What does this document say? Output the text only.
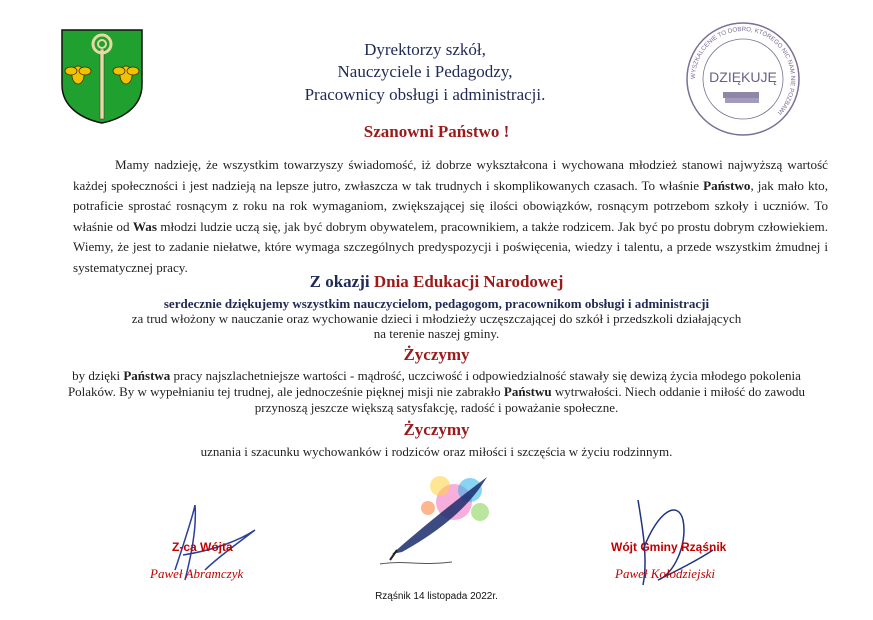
Dyrektorzy szkół,
Nauczyciele i Pedagodzy,
Pracownicy obsługi i administracji.
WYSZKALCENIE TO DOBRO, KTÓREGO NIC NAM NIE POZBAWI
DZIĘKUJĘ
Szanowni Państwo !
Mamy nadzieję, że wszystkim towarzyszy świadomość, iż dobrze wykształcona i wychowana młodzież stanowi najwyższą wartość każdej społeczności i jest nadzieją na lepsze jutro, zwłaszcza w tak trudnych i skomplikowanych czasach. To właśnie Państwo, jak mało kto, potraficie sprostać rosnącym z roku na rok wymaganiom, zwiększającej się ilości obowiązków, rosnącym potrzebom szkoły i uczniów. To właśnie od Was młodzi ludzie uczą się, jak być dobrym obywatelem, pracownikiem, a także rodzicem. Jak być po prostu dobrym człowiekiem. Wiemy, że jest to zadanie niełatwe, które wymaga szczególnych predyspozycji i poświęcenia, wiedzy i talentu, a przede wszystkim żmudnej i systematycznej pracy.
Z okazji Dnia Edukacji Narodowej
serdecznie dziękujemy wszystkim nauczycielom, pedagogom, pracownikom obsługi i administracji
za trud włożony w nauczanie oraz wychowanie dzieci i młodzieży uczęszczającej do szkół i przedszkoli działających
na terenie naszej gminy.
Życzymy
by dzięki Państwa pracy najszlachetniejsze wartości - mądrość, uczciwość i odpowiedzialność stawały się dewizą życia młodego pokolenia Polaków. By w wypełnianiu tej trudnej, ale jednocześnie pięknej misji nie zabrakło Państwu wytrwałości. Niech oddanie i miłość do zawodu przynoszą jeszcze większą satysfakcję, radość i poważanie społeczne.
Życzymy
uznania i szacunku wychowanków i rodziców oraz miłości i szczęścia w życiu rodzinnym.
Z-ca Wójta
Paweł Abramczyk
Wójt Gminy Rząśnik
Paweł Kołodziejski
Rząśnik 14 listopada 2022r.
